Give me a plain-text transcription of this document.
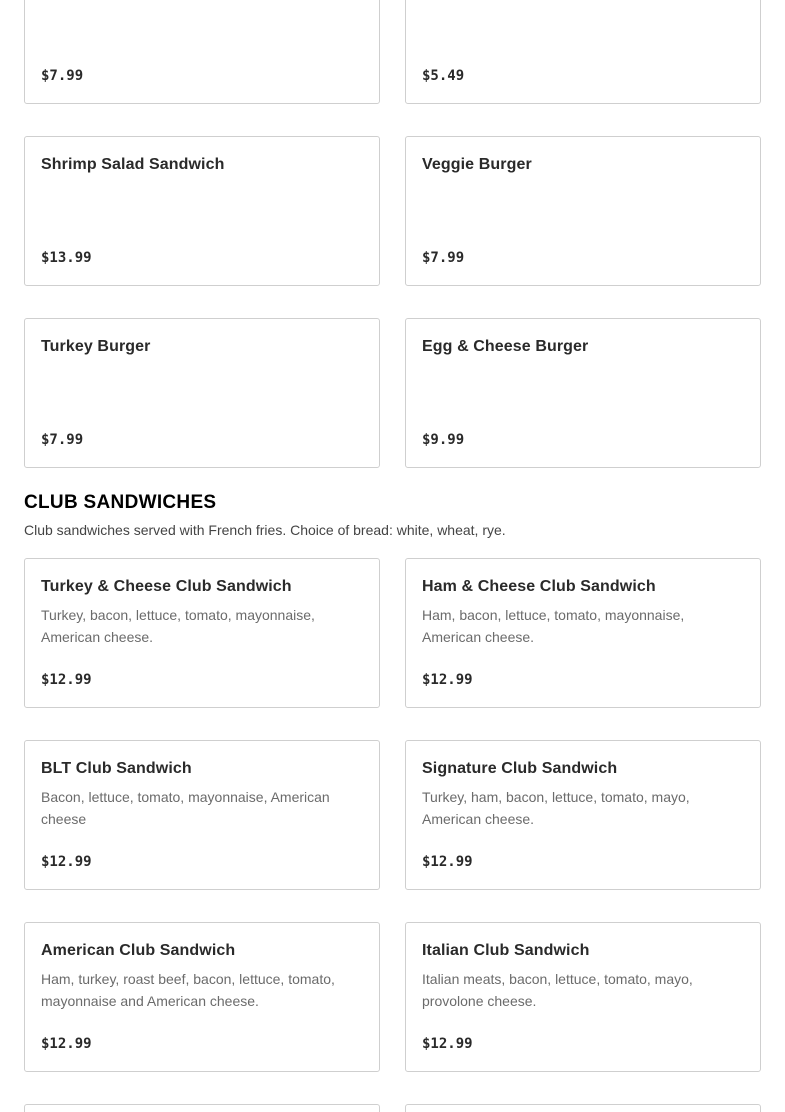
$7.99	$5.49
Shrimp Salad Sandwich
$13.99
Veggie Burger
$7.99
Turkey Burger
$7.99
Egg & Cheese Burger
$9.99
CLUB SANDWICHES

Club sandwiches served with French fries. Choice of bread: white, wheat, rye.

Turkey & Cheese Club Sandwich
Turkey, bacon, lettuce, tomato, mayonnaise, American cheese.
$12.99
Ham & Cheese Club Sandwich
Ham, bacon, lettuce, tomato, mayonnaise, American cheese.
$12.99
BLT Club Sandwich
Bacon, lettuce, tomato, mayonnaise, American cheese
$12.99
Signature Club Sandwich
Turkey, ham, bacon, lettuce, tomato, mayo, American cheese.
$12.99
American Club Sandwich
Ham, turkey, roast beef, bacon, lettuce, tomato, mayonnaise and American cheese.
$12.99
Italian Club Sandwich
Italian meats, bacon, lettuce, tomato, mayo, provolone cheese.
$12.99
